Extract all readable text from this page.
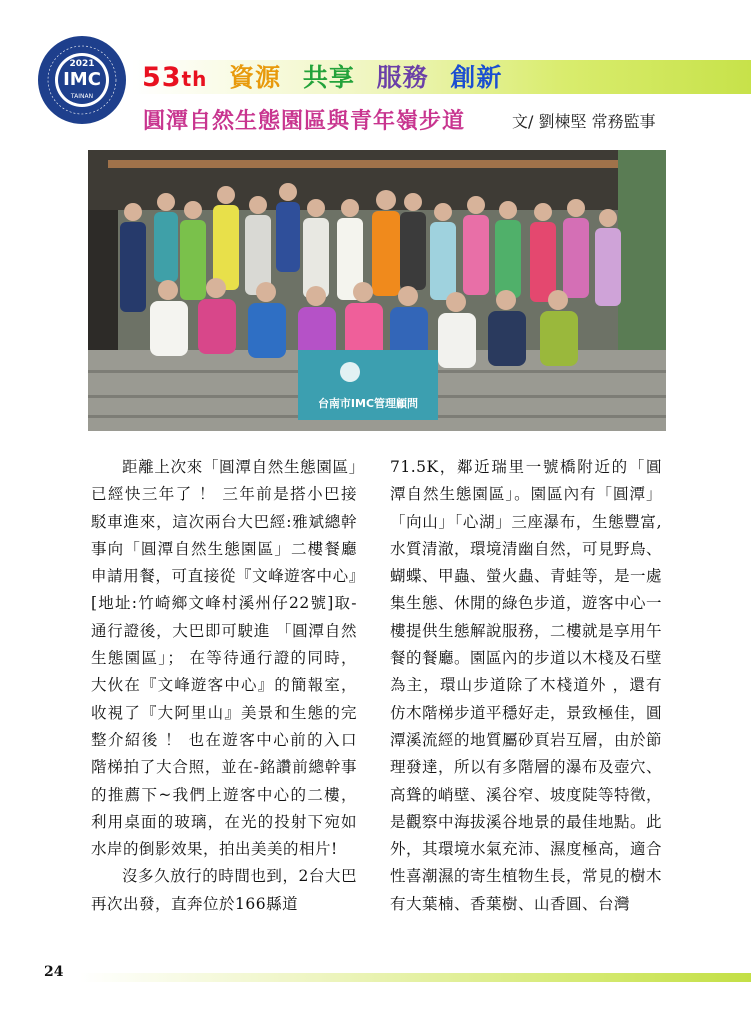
2021
IMC
TAINAN
53th 資源 共享 服務 創新
圓潭自然生態園區與青年嶺步道	文/ 劉楝堅 常務監事
台南市IMC管理顧問

距離上次來「圓潭自然生態園區」已經快三年了 ！ 三年前是搭小巴接駁車進來，這次兩台大巴經:雅斌總幹事向「圓潭自然生態園區」二樓餐廳申請用餐，可直接從『文峰遊客中心』[地址:竹崎鄉文峰村溪州仔22號]取-通行證後，大巴即可駛進 「圓潭自然生態園區」； 在等待通行證的同時，大伙在『文峰遊客中心』的簡報室，收視了『大阿里山』美景和生態的完整介紹後 ！ 也在遊客中心前的入口階梯拍了大合照，並在-銘讚前總幹事的推薦下~我們上遊客中心的二樓，利用桌面的玻璃，在光的投射下宛如水岸的倒影效果，拍出美美的相片!

沒多久放行的時間也到，2台大巴再次出發，直奔位於166縣道

71.5K，鄰近瑞里一號橋附近的「圓潭自然生態園區」。園區內有「圓潭」「向山」「心湖」三座瀑布，生態豐富,水質清澈，環境清幽自然，可見野鳥、蝴蝶、甲蟲、螢火蟲、青蛙等，是一處集生態、休閒的綠色步道，遊客中心一樓提供生態解說服務，二樓就是享用午餐的餐廳。園區內的步道以木棧及石壁為主，環山步道除了木棧道外 ，還有仿木階梯步道平穩好走，景致極佳，圓潭溪流經的地質屬砂頁岩互層，由於節理發達，所以有多階層的瀑布及壺穴、高聳的峭壁、溪谷窄、坡度陡等特徵，是觀察中海拔溪谷地景的最佳地點。此外，其環境水氣充沛、濕度極高，適合性喜潮濕的寄生植物生長，常見的樹木有大葉楠、香葉樹、山香圓、台灣

24
